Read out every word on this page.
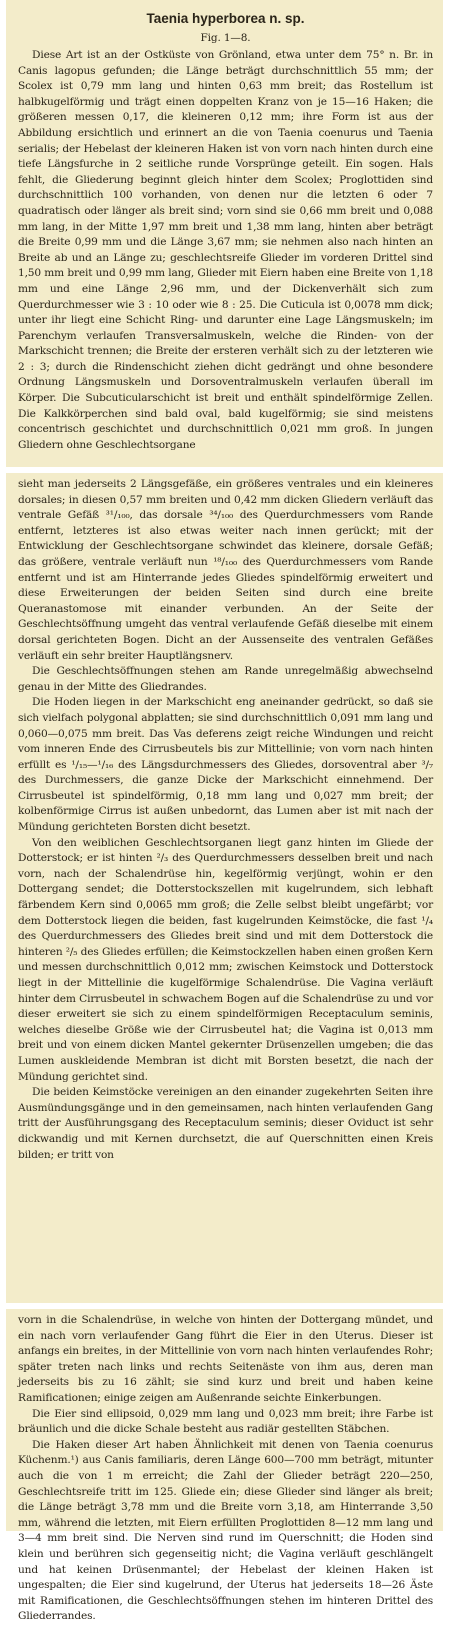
Taenia hyperborea n. sp.
Fig. 1—8.

Diese Art ist an der Ostküste von Grönland, etwa unter dem 75° n. Br. in Canis lagopus gefunden; die Länge beträgt durchschnittlich 55 mm; der Scolex ist 0,79 mm lang und hinten 0,63 mm breit; das Rostellum ist halbkugelförmig und trägt einen doppelten Kranz von je 15—16 Haken; die größeren messen 0,17, die kleineren 0,12 mm; ihre Form ist aus der Abbildung ersichtlich und erinnert an die von Taenia coenurus und Taenia serialis; der Hebelast der kleineren Haken ist von vorn nach hinten durch eine tiefe Längsfurche in 2 seitliche runde Vorsprünge geteilt. Ein sogen. Hals fehlt, die Gliederung beginnt gleich hinter dem Scolex; Proglottiden sind durchschnittlich 100 vorhanden, von denen nur die letzten 6 oder 7 quadratisch oder länger als breit sind; vorn sind sie 0,66 mm breit und 0,088 mm lang, in der Mitte 1,97 mm breit und 1,38 mm lang, hinten aber beträgt die Breite 0,99 mm und die Länge 3,67 mm; sie nehmen also nach hinten an Breite ab und an Länge zu; geschlechtsreife Glieder im vorderen Drittel sind 1,50 mm breit und 0,99 mm lang, Glieder mit Eiern haben eine Breite von 1,18 mm und eine Länge 2,96 mm, und der Dickenverhält sich zum Querdurchmesser wie 3 : 10 oder wie 8 : 25. Die Cuticula ist 0,0078 mm dick; unter ihr liegt eine Schicht Ring- und darunter eine Lage Längsmuskeln; im Parenchym verlaufen Transversalmuskeln, welche die Rinden- von der Markschicht trennen; die Breite der ersteren verhält sich zu der letzteren wie 2 : 3; durch die Rindenschicht ziehen dicht gedrängt und ohne besondere Ordnung Längsmuskeln und Dorsoventralmuskeln verlaufen überall im Körper. Die Subcuticularschicht ist breit und enthält spindelförmige Zellen. Die Kalkkörperchen sind bald oval, bald kugelförmig; sie sind meistens concentrisch geschichtet und durchschnittlich 0,021 mm groß. In jungen Gliedern ohne Geschlechtsorgane

sieht man jederseits 2 Längsgefäße, ein größeres ventrales und ein kleineres dorsales; in diesen 0,57 mm breiten und 0,42 mm dicken Gliedern verläuft das ventrale Gefäß ³¹/₁₀₀, das dorsale ³⁴/₁₀₀ des Querdurchmessers vom Rande entfernt, letzteres ist also etwas weiter nach innen gerückt; mit der Entwicklung der Geschlechtsorgane schwindet das kleinere, dorsale Gefäß; das größere, ventrale verläuft nun ¹⁸/₁₀₀ des Querdurchmessers vom Rande entfernt und ist am Hinterrande jedes Gliedes spindelförmig erweitert und diese Erweiterungen der beiden Seiten sind durch eine breite Queranastomose mit einander verbunden. An der Seite der Geschlechtsöffnung umgeht das ventral verlaufende Gefäß dieselbe mit einem dorsal gerichteten Bogen. Dicht an der Aussenseite des ventralen Gefäßes verläuft ein sehr breiter Hauptlängsnerv.

Die Geschlechtsöffnungen stehen am Rande unregelmäßig abwechselnd genau in der Mitte des Gliedrandes.

Die Hoden liegen in der Markschicht eng aneinander gedrückt, so daß sie sich vielfach polygonal abplatten; sie sind durchschnittlich 0,091 mm lang und 0,060—0,075 mm breit. Das Vas deferens zeigt reiche Windungen und reicht vom inneren Ende des Cirrusbeutels bis zur Mittellinie; von vorn nach hinten erfüllt es ¹/₁₅—¹/₁₆ des Längsdurchmessers des Gliedes, dorsoventral aber ³/₇ des Durchmessers, die ganze Dicke der Markschicht einnehmend. Der Cirrusbeutel ist spindelförmig, 0,18 mm lang und 0,027 mm breit; der kolbenförmige Cirrus ist außen unbedornt, das Lumen aber ist mit nach der Mündung gerichteten Borsten dicht besetzt.

Von den weiblichen Geschlechtsorganen liegt ganz hinten im Gliede der Dotterstock; er ist hinten ²/₃ des Querdurchmessers desselben breit und nach vorn, nach der Schalendrüse hin, kegelförmig verjüngt, wohin er den Dottergang sendet; die Dotterstockszellen mit kugelrundem, sich lebhaft färbendem Kern sind 0,0065 mm groß; die Zelle selbst bleibt ungefärbt; vor dem Dotterstock liegen die beiden, fast kugelrunden Keimstöcke, die fast ¹/₄ des Querdurchmessers des Gliedes breit sind und mit dem Dotterstock die hinteren ²/₅ des Gliedes erfüllen; die Keimstockzellen haben einen großen Kern und messen durchschnittlich 0,012 mm; zwischen Keimstock und Dotterstock liegt in der Mittellinie die kugelförmige Schalendrüse. Die Vagina verläuft hinter dem Cirrusbeutel in schwachem Bogen auf die Schalendrüse zu und vor dieser erweitert sie sich zu einem spindelförmigen Receptaculum seminis, welches dieselbe Größe wie der Cirrusbeutel hat; die Vagina ist 0,013 mm breit und von einem dicken Mantel gekernter Drüsenzellen umgeben; die das Lumen auskleidende Membran ist dicht mit Borsten besetzt, die nach der Mündung gerichtet sind.

Die beiden Keimstöcke vereinigen an den einander zugekehrten Seiten ihre Ausmündungsgänge und in den gemeinsamen, nach hinten verlaufenden Gang tritt der Ausführungsgang des Receptaculum seminis; dieser Oviduct ist sehr dickwandig und mit Kernen durchsetzt, die auf Querschnitten einen Kreis bilden; er tritt von

vorn in die Schalendrüse, in welche von hinten der Dottergang mündet, und ein nach vorn verlaufender Gang führt die Eier in den Uterus. Dieser ist anfangs ein breites, in der Mittellinie von vorn nach hinten verlaufendes Rohr; später treten nach links und rechts Seitenäste von ihm aus, deren man jederseits bis zu 16 zählt; sie sind kurz und breit und haben keine Ramificationen; einige zeigen am Außenrande seichte Einkerbungen.

Die Eier sind ellipsoid, 0,029 mm lang und 0,023 mm breit; ihre Farbe ist bräunlich und die dicke Schale besteht aus radiär gestellten Stäbchen.

Die Haken dieser Art haben Ähnlichkeit mit denen von Taenia coenurus Küchenm.¹) aus Canis familiaris, deren Länge 600—700 mm beträgt, mitunter auch die von 1 m erreicht; die Zahl der Glieder beträgt 220—250, Geschlechtsreife tritt im 125. Gliede ein; diese Glieder sind länger als breit; die Länge beträgt 3,78 mm und die Breite vorn 3,18, am Hinterrande 3,50 mm, während die letzten, mit Eiern erfüllten Proglottiden 8—12 mm lang und 3—4 mm breit sind. Die Nerven sind rund im Querschnitt; die Hoden sind klein und berühren sich gegenseitig nicht; die Vagina verläuft geschlängelt und hat keinen Drüsenmantel; der Hebelast der kleinen Haken ist ungespalten; die Eier sind kugelrund, der Uterus hat jederseits 18—26 Äste mit Ramificationen, die Geschlechtsöffnungen stehen im hinteren Drittel des Gliederrandes.
